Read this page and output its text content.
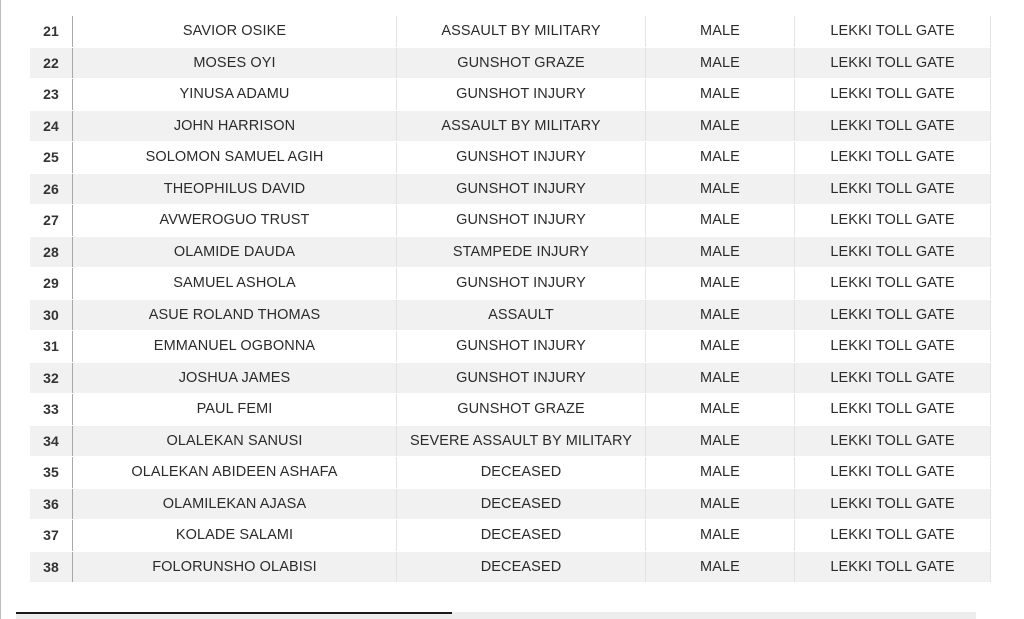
21	SAVIOR OSIKE	ASSAULT BY MILITARY	MALE	LEKKI TOLL GATE
22	MOSES OYI	GUNSHOT GRAZE	MALE	LEKKI TOLL GATE
23	YINUSA ADAMU	GUNSHOT INJURY	MALE	LEKKI TOLL GATE
24	JOHN HARRISON	ASSAULT BY MILITARY	MALE	LEKKI TOLL GATE
25	SOLOMON SAMUEL AGIH	GUNSHOT INJURY	MALE	LEKKI TOLL GATE
26	THEOPHILUS DAVID	GUNSHOT INJURY	MALE	LEKKI TOLL GATE
27	AVWEROGUO TRUST	GUNSHOT INJURY	MALE	LEKKI TOLL GATE
28	OLAMIDE DAUDA	STAMPEDE INJURY	MALE	LEKKI TOLL GATE
29	SAMUEL ASHOLA	GUNSHOT INJURY	MALE	LEKKI TOLL GATE
30	ASUE ROLAND THOMAS	ASSAULT	MALE	LEKKI TOLL GATE
31	EMMANUEL OGBONNA	GUNSHOT INJURY	MALE	LEKKI TOLL GATE
32	JOSHUA JAMES	GUNSHOT INJURY	MALE	LEKKI TOLL GATE
33	PAUL FEMI	GUNSHOT GRAZE	MALE	LEKKI TOLL GATE
34	OLALEKAN SANUSI	SEVERE ASSAULT BY MILITARY	MALE	LEKKI TOLL GATE
35	OLALEKAN ABIDEEN ASHAFA	DECEASED	MALE	LEKKI TOLL GATE
36	OLAMILEKAN AJASA	DECEASED	MALE	LEKKI TOLL GATE
37	KOLADE SALAMI	DECEASED	MALE	LEKKI TOLL GATE
38	FOLORUNSHO OLABISI	DECEASED	MALE	LEKKI TOLL GATE
